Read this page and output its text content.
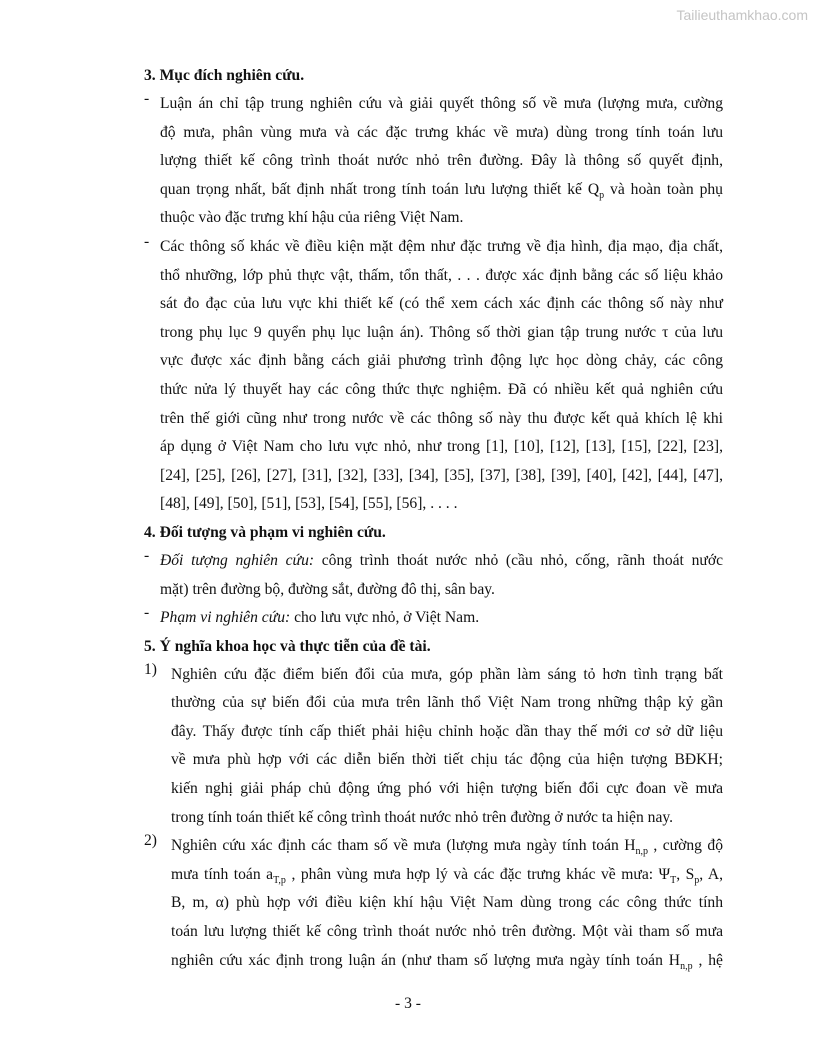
Tailieuthamkhao.com

3. Mục đích nghiên cứu.

- Luận án chỉ tập trung nghiên cứu và giải quyết thông số về mưa (lượng mưa, cường
độ mưa, phân vùng mưa và các đặc trưng khác về mưa) dùng trong tính toán lưu
lượng thiết kế công trình thoát nước nhỏ trên đường. Đây là thông số quyết định,
quan trọng nhất, bất định nhất trong tính toán lưu lượng thiết kế $Q_p$ và hoàn toàn phụ
thuộc vào đặc trưng khí hậu của riêng Việt Nam.
- Các thông số khác về điều kiện mặt đệm như đặc trưng về địa hình, địa mạo, địa chất,
thổ nhưỡng, lớp phủ thực vật, thấm, tổn thất, . . . được xác định bằng các số liệu khảo
sát đo đạc của lưu vực khi thiết kế (có thể xem cách xác định các thông số này như
trong phụ lục 9 quyển phụ lục luận án). Thông số thời gian tập trung nước τ của lưu
vực được xác định bằng cách giải phương trình động lực học dòng chảy, các công
thức nửa lý thuyết hay các công thức thực nghiệm. Đã có nhiều kết quả nghiên cứu
trên thế giới cũng như trong nước về các thông số này thu được kết quả khích lệ khi
áp dụng ở Việt Nam cho lưu vực nhỏ, như trong [1], [10], [12], [13], [15], [22], [23],
[24], [25], [26], [27], [31], [32], [33], [34], [35], [37], [38], [39], [40], [42], [44], [47],
[48], [49], [50], [51], [53], [54], [55], [56], . . . .

4. Đối tượng và phạm vi nghiên cứu.

- Đối tượng nghiên cứu: công trình thoát nước nhỏ (cầu nhỏ, cống, rãnh thoát nước
mặt) trên đường bộ, đường sắt, đường đô thị, sân bay.
- Phạm vi nghiên cứu: cho lưu vực nhỏ, ở Việt Nam.

5. Ý nghĩa khoa học và thực tiễn của đề tài.

1) Nghiên cứu đặc điểm biến đổi của mưa, góp phần làm sáng tỏ hơn tình trạng bất
thường của sự biến đổi của mưa trên lãnh thổ Việt Nam trong những thập kỷ gần
đây. Thấy được tính cấp thiết phải hiệu chỉnh hoặc dần thay thế mới cơ sở dữ liệu
về mưa phù hợp với các diễn biến thời tiết chịu tác động của hiện tượng BĐKH;
kiến nghị giải pháp chủ động ứng phó với hiện tượng biến đổi cực đoan về mưa
trong tính toán thiết kế công trình thoát nước nhỏ trên đường ở nước ta hiện nay.
2) Nghiên cứu xác định các tham số về mưa (lượng mưa ngày tính toán $H_{n,p}$ , cường độ
mưa tính toán $a_{T,p}$ , phân vùng mưa hợp lý và các đặc trưng khác về mưa: $\Psi_T$, $S_p$, A,
B, m, α) phù hợp với điều kiện khí hậu Việt Nam dùng trong các công thức tính
toán lưu lượng thiết kế công trình thoát nước nhỏ trên đường. Một vài tham số mưa
nghiên cứu xác định trong luận án (như tham số lượng mưa ngày tính toán $H_{n,p}$ , hệ
- 3 -
